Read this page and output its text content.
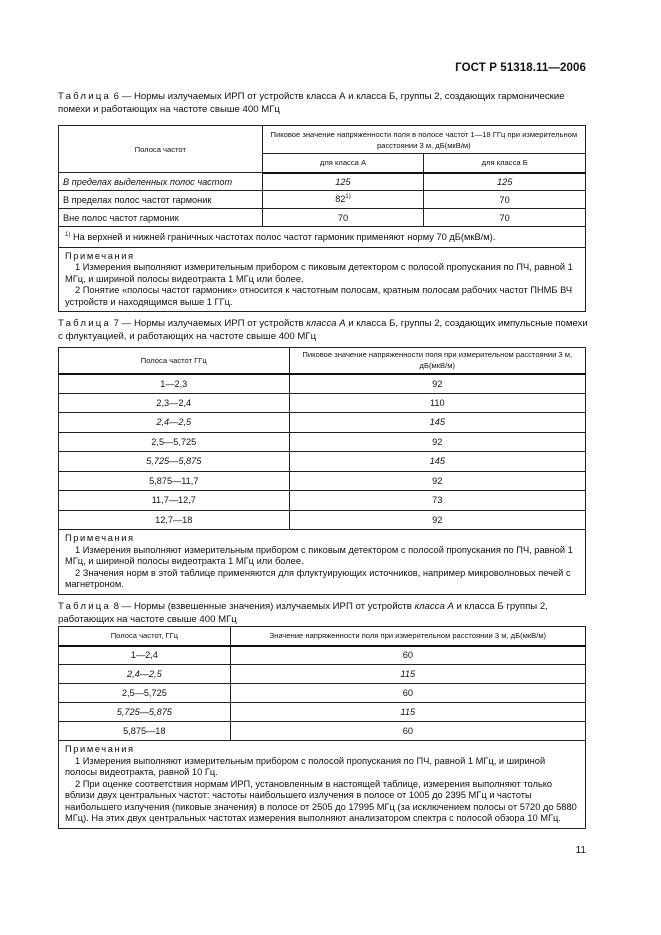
ГОСТ Р 51318.11—2006
Таблица 6 — Нормы излучаемых ИРП от устройств класса А и класса Б, группы 2, создающих гармонические помехи и работающих на частоте свыше 400 МГц
Полоса частот	Пиковое значение напряженности поля в полосе частот 1—18 ГГц при измерительном расстоянии 3 м, дБ(мкВ/м)	
	для класса А	для класса Б
В пределах выделенных полос частот	125	125
В пределах полос частот гармоник	82$^{1)}$	70
Вне полос частот гармоник	70	70
$^{1)}$ На верхней и нижней граничных частотах полос частот гармоник применяют норму 70 дБ(мкВ/м).		

Примечания
1 Измерения выполняют измерительным прибором с пиковым детектором с полосой пропускания по ПЧ, равной 1 МГц, и шириной полосы видеотракта 1 МГц или более.
2 Понятие «полосы частот гармоник» относится к частотным полосам, кратным полосам рабочих частот ПНМБ ВЧ устройств и находящимся выше 1 ГГц.		
Таблица 7 — Нормы излучаемых ИРП от устройств класса А и класса Б, группы 2, создающих импульсные помехи с флуктуацией, и работающих на частоте свыше 400 МГц
Полоса частот ГГц	Пиковое значение напряженности поля при измерительном расстоянии 3 м, дБ(мкВ/м)
1—2,3	92
2,3—2,4	110
2,4—2,5	145
2,5—5,725	92
5,725—5,875	145
5,875—11,7	92
11,7—12,7	73
12,7—18	92

Примечания
1 Измерения выполняют измерительным прибором с пиковым детектором с полосой пропускания по ПЧ, равной 1 МГц, и шириной полосы видеотракта 1 МГц или более.
2 Значения норм в этой таблице применяются для флуктуирующих источников, например микроволновых печей с магнетроном.	
Таблица 8 — Нормы (взвешенные значения) излучаемых ИРП от устройств класса А и класса Б группы 2, работающих на частоте свыше 400 МГц
Полоса частот, ГГц	Значение напряженности поля при измерительном расстоянии 3 м, дБ(мкВ/м)
1—2,4	60
2,4—2,5	115
2,5—5,725	60
5,725—5,875	115
5,875—18	60

Примечания
1 Измерения выполняют измерительным прибором с полосой пропускания по ПЧ, равной 1 МГц, и шириной полосы видеотракта, равной 10 Гц.
2 При оценке соответствия нормам ИРП, установленным в настоящей таблице, измерения выполняют только вблизи двух центральных частот: частоты наибольшего излучения в полосе от 1005 до 2395 МГц и частоты наибольшего излучения (пиковые значения) в полосе от 2505 до 17995 МГц (за исключением полосы от 5720 до 5880 МГц). На этих двух центральных частотах измерения выполняют анализатором спектра с полосой обзора 10 МГц.	
11
